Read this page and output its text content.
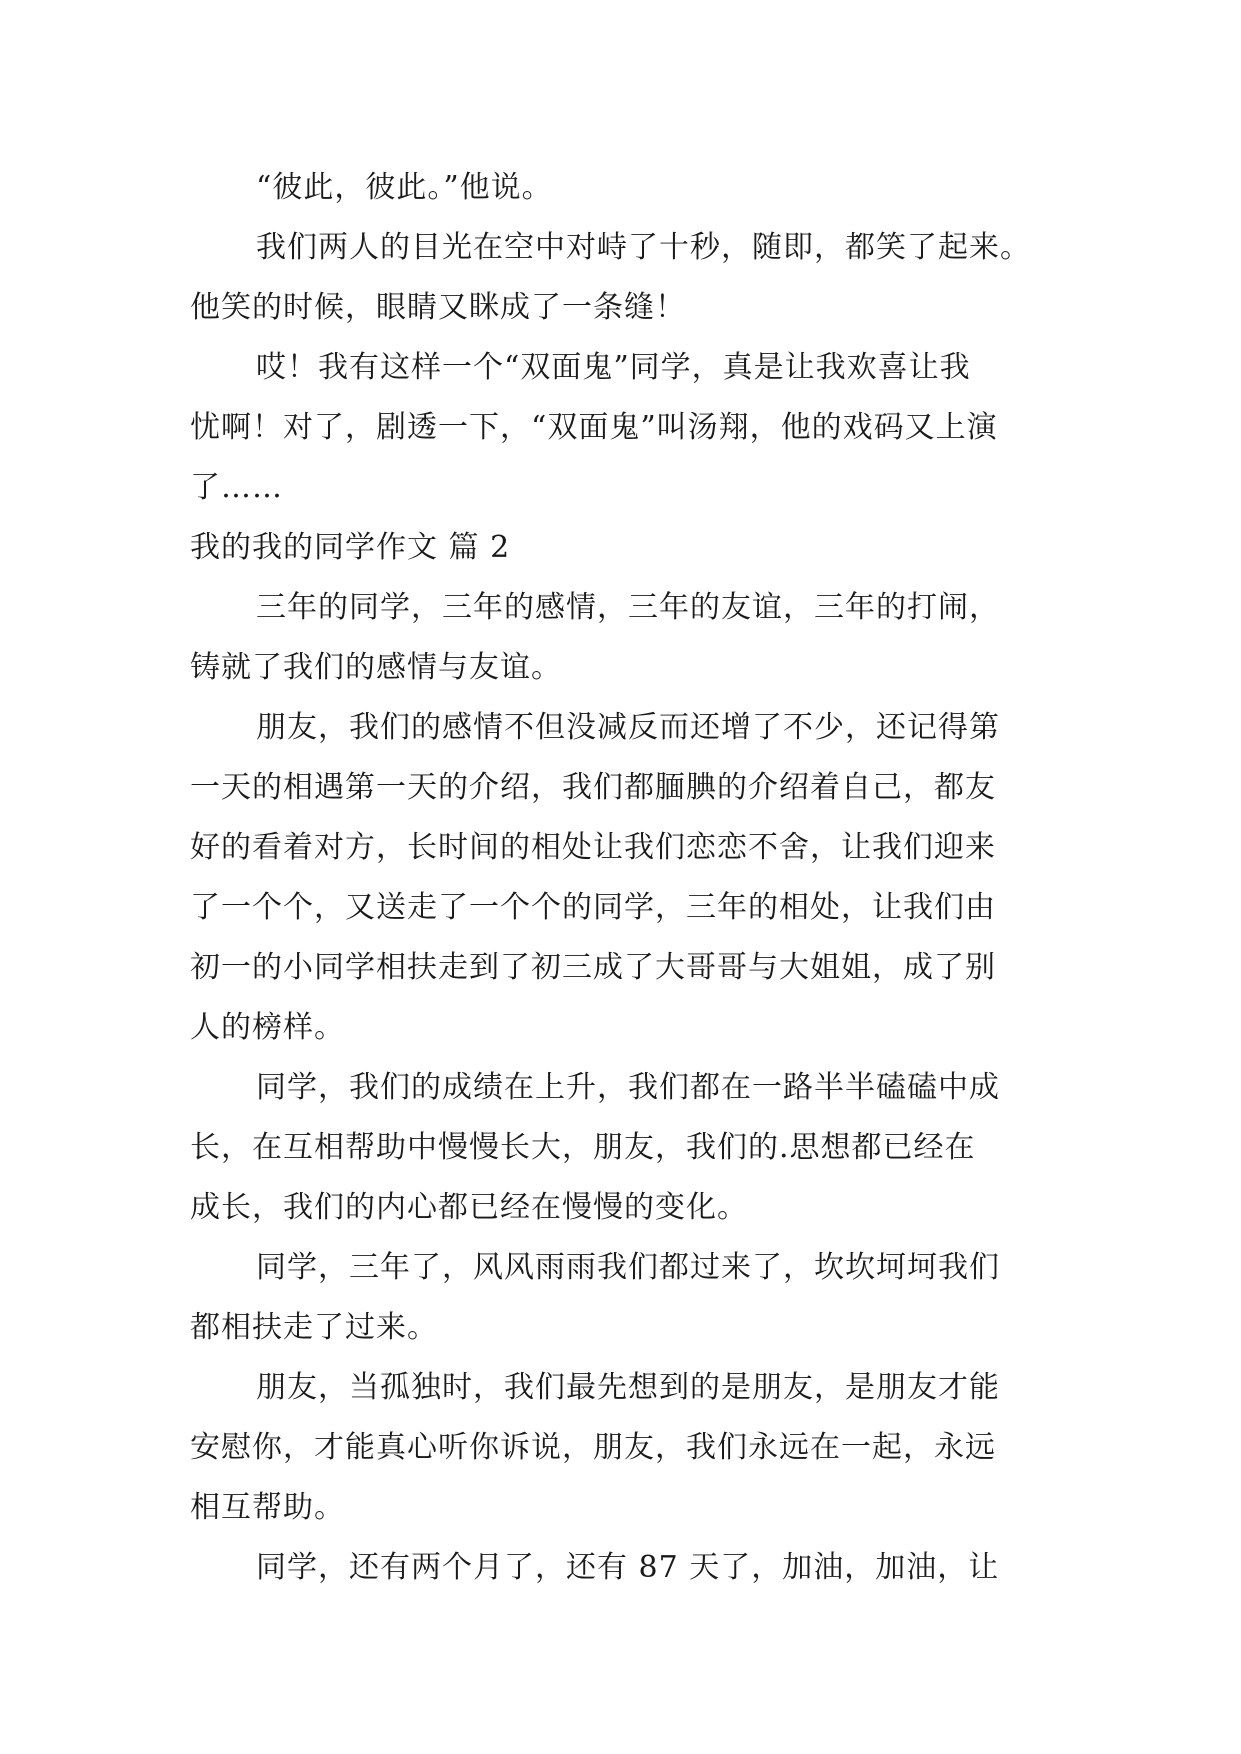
“彼此，彼此。”他说。

我们两人的目光在空中对峙了十秒，随即，都笑了起来。

他笑的时候，眼睛又眯成了一条缝！

哎！我有这样一个“双面鬼”同学，真是让我欢喜让我

忧啊！对了，剧透一下，“双面鬼”叫汤翔，他的戏码又上演

了……

我的我的同学作文 篇 2

三年的同学，三年的感情，三年的友谊，三年的打闹，

铸就了我们的感情与友谊。

朋友，我们的感情不但没减反而还增了不少，还记得第

一天的相遇第一天的介绍，我们都腼腆的介绍着自己，都友

好的看着对方，长时间的相处让我们恋恋不舍，让我们迎来

了一个个，又送走了一个个的同学，三年的相处，让我们由

初一的小同学相扶走到了初三成了大哥哥与大姐姐，成了别

人的榜样。

同学，我们的成绩在上升，我们都在一路半半磕磕中成

长，在互相帮助中慢慢长大，朋友，我们的.思想都已经在

成长，我们的内心都已经在慢慢的变化。

同学，三年了，风风雨雨我们都过来了，坎坎坷坷我们

都相扶走了过来。

朋友，当孤独时，我们最先想到的是朋友，是朋友才能

安慰你，才能真心听你诉说，朋友，我们永远在一起，永远

相互帮助。

同学，还有两个月了，还有 87 天了，加油，加油，让
